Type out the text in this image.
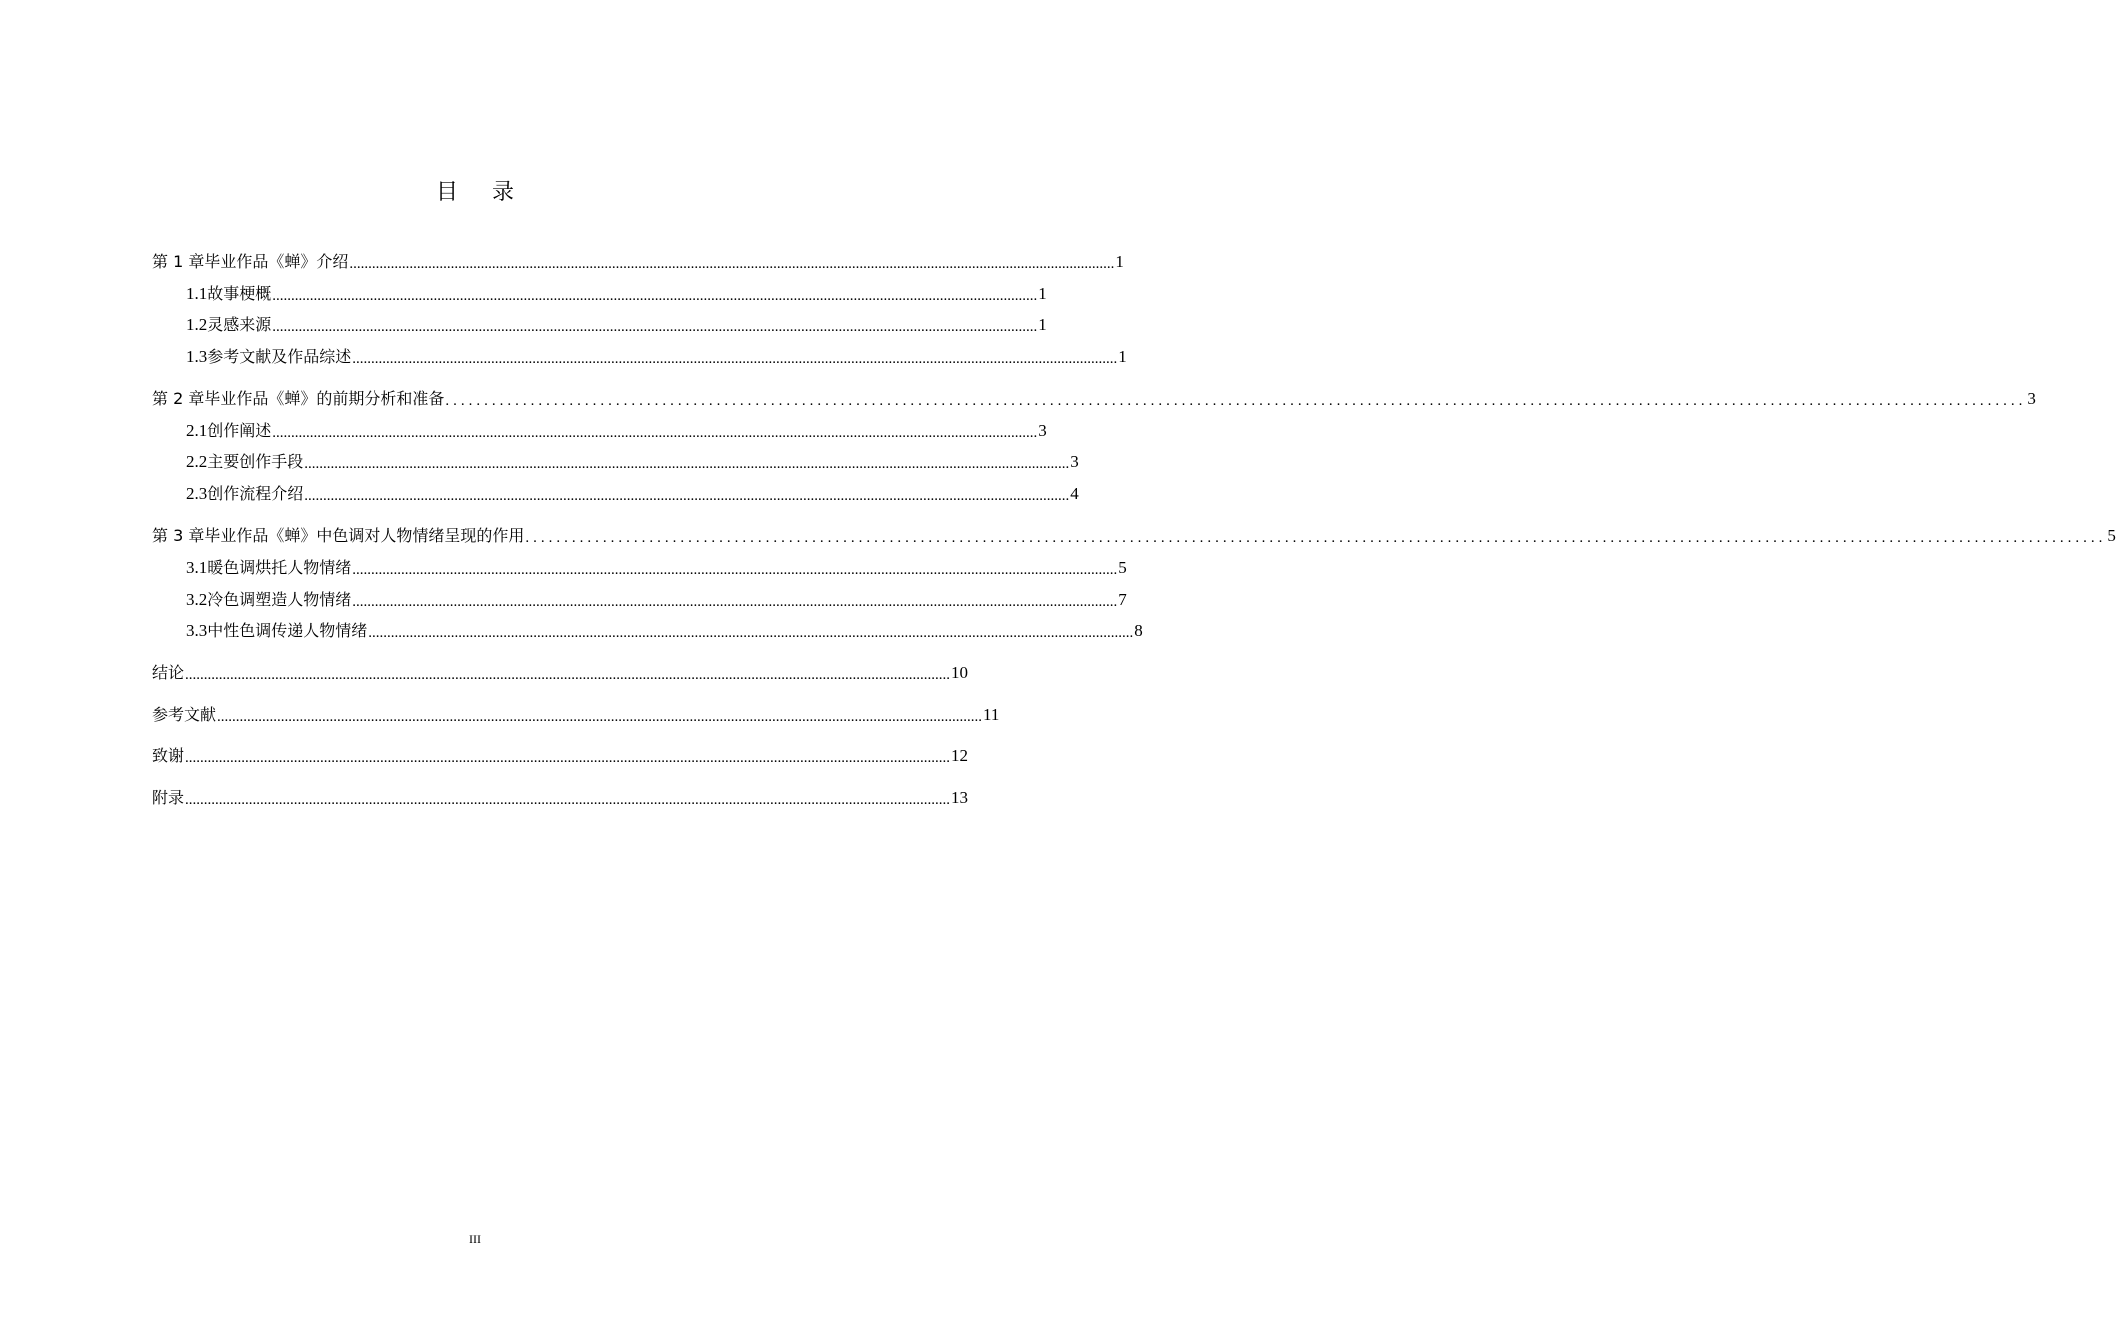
目录
第 1 章 毕业作品《蝉》介绍 ............................................................................................................................................................................................................ 1
1.1 故事梗概 ............................................................................................................................................................................................................ 1
1.2 灵感来源 ............................................................................................................................................................................................................ 1
1.3 参考文献及作品综述 ............................................................................................................................................................................................................ 1
第 2 章 毕业作品《蝉》的前期分析和准备 ............................................................................................................................................................................................................ 3
2.1 创作阐述 ............................................................................................................................................................................................................ 3
2.2 主要创作手段 ............................................................................................................................................................................................................ 3
2.3 创作流程介绍 ............................................................................................................................................................................................................ 4
第 3 章 毕业作品《蝉》中色调对人物情绪呈现的作用 ............................................................................................................................................................................................................ 5
3.1 暖色调烘托人物情绪 ............................................................................................................................................................................................................ 5
3.2 冷色调塑造人物情绪 ............................................................................................................................................................................................................ 7
3.3 中性色调传递人物情绪 ............................................................................................................................................................................................................ 8
结论 ............................................................................................................................................................................................................ 10
参考文献 ............................................................................................................................................................................................................ 11
致谢 ............................................................................................................................................................................................................ 12
附录 ............................................................................................................................................................................................................ 13
III
